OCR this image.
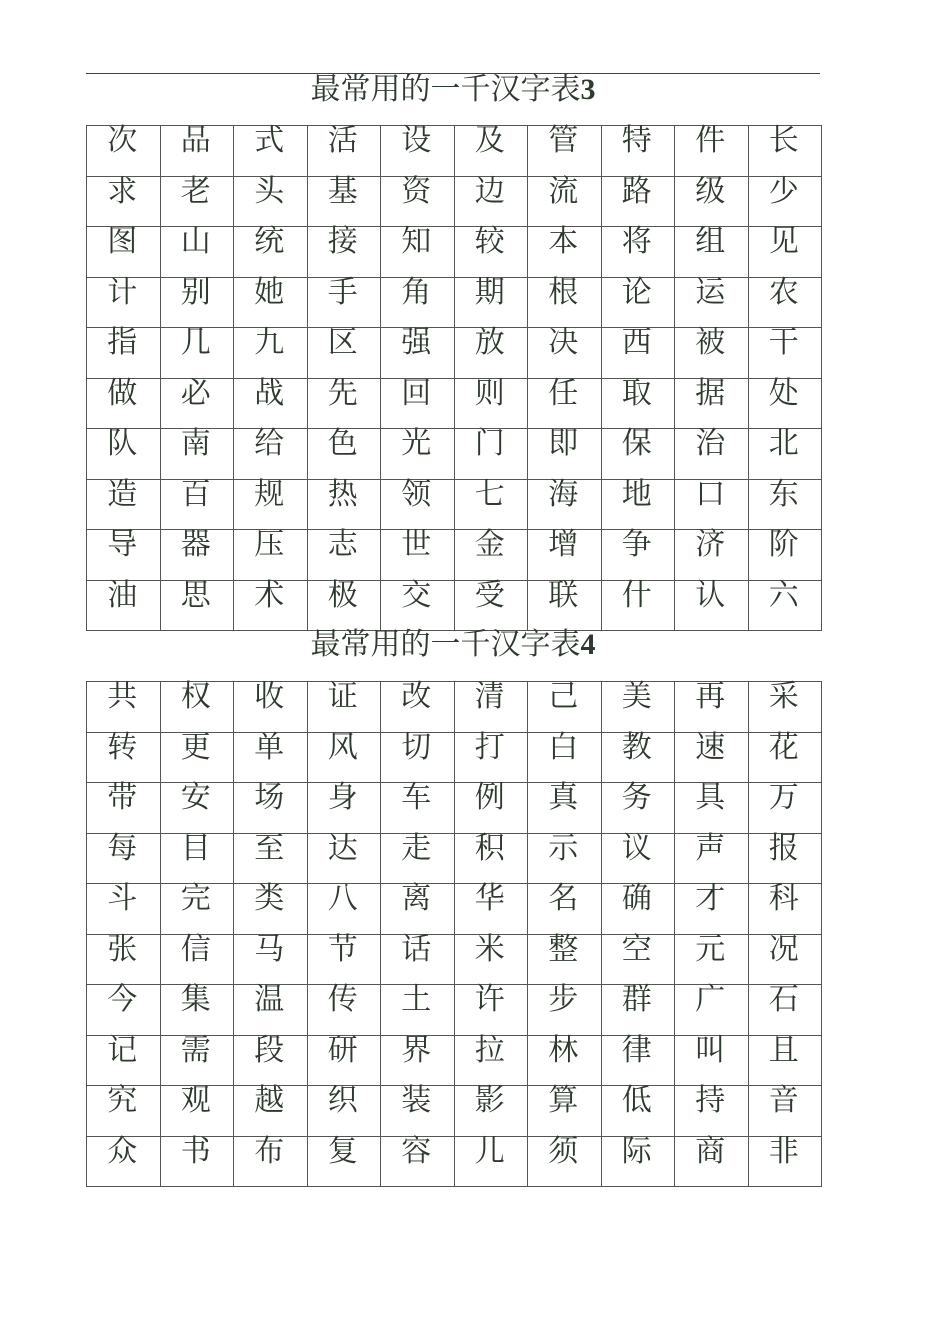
最常用的一千汉字表3
次	品	式	活	设	及	管	特	件	长

求	老	头	基	资	边	流	路	级	少

图	山	统	接	知	较	本	将	组	见

计	别	她	手	角	期	根	论	运	农

指	几	九	区	强	放	决	西	被	干

做	必	战	先	回	则	任	取	据	处

队	南	给	色	光	门	即	保	治	北

造	百	规	热	领	七	海	地	口	东

导	器	压	志	世	金	增	争	济	阶

油	思	术	极	交	受	联	什	认	六
最常用的一千汉字表4
共	权	收	证	改	清	己	美	再	采

转	更	单	风	切	打	白	教	速	花

带	安	场	身	车	例	真	务	具	万

每	目	至	达	走	积	示	议	声	报

斗	完	类	八	离	华	名	确	才	科

张	信	马	节	话	米	整	空	元	况

今	集	温	传	土	许	步	群	广	石

记	需	段	研	界	拉	林	律	叫	且

究	观	越	织	装	影	算	低	持	音

众	书	布	复	容	儿	须	际	商	非
